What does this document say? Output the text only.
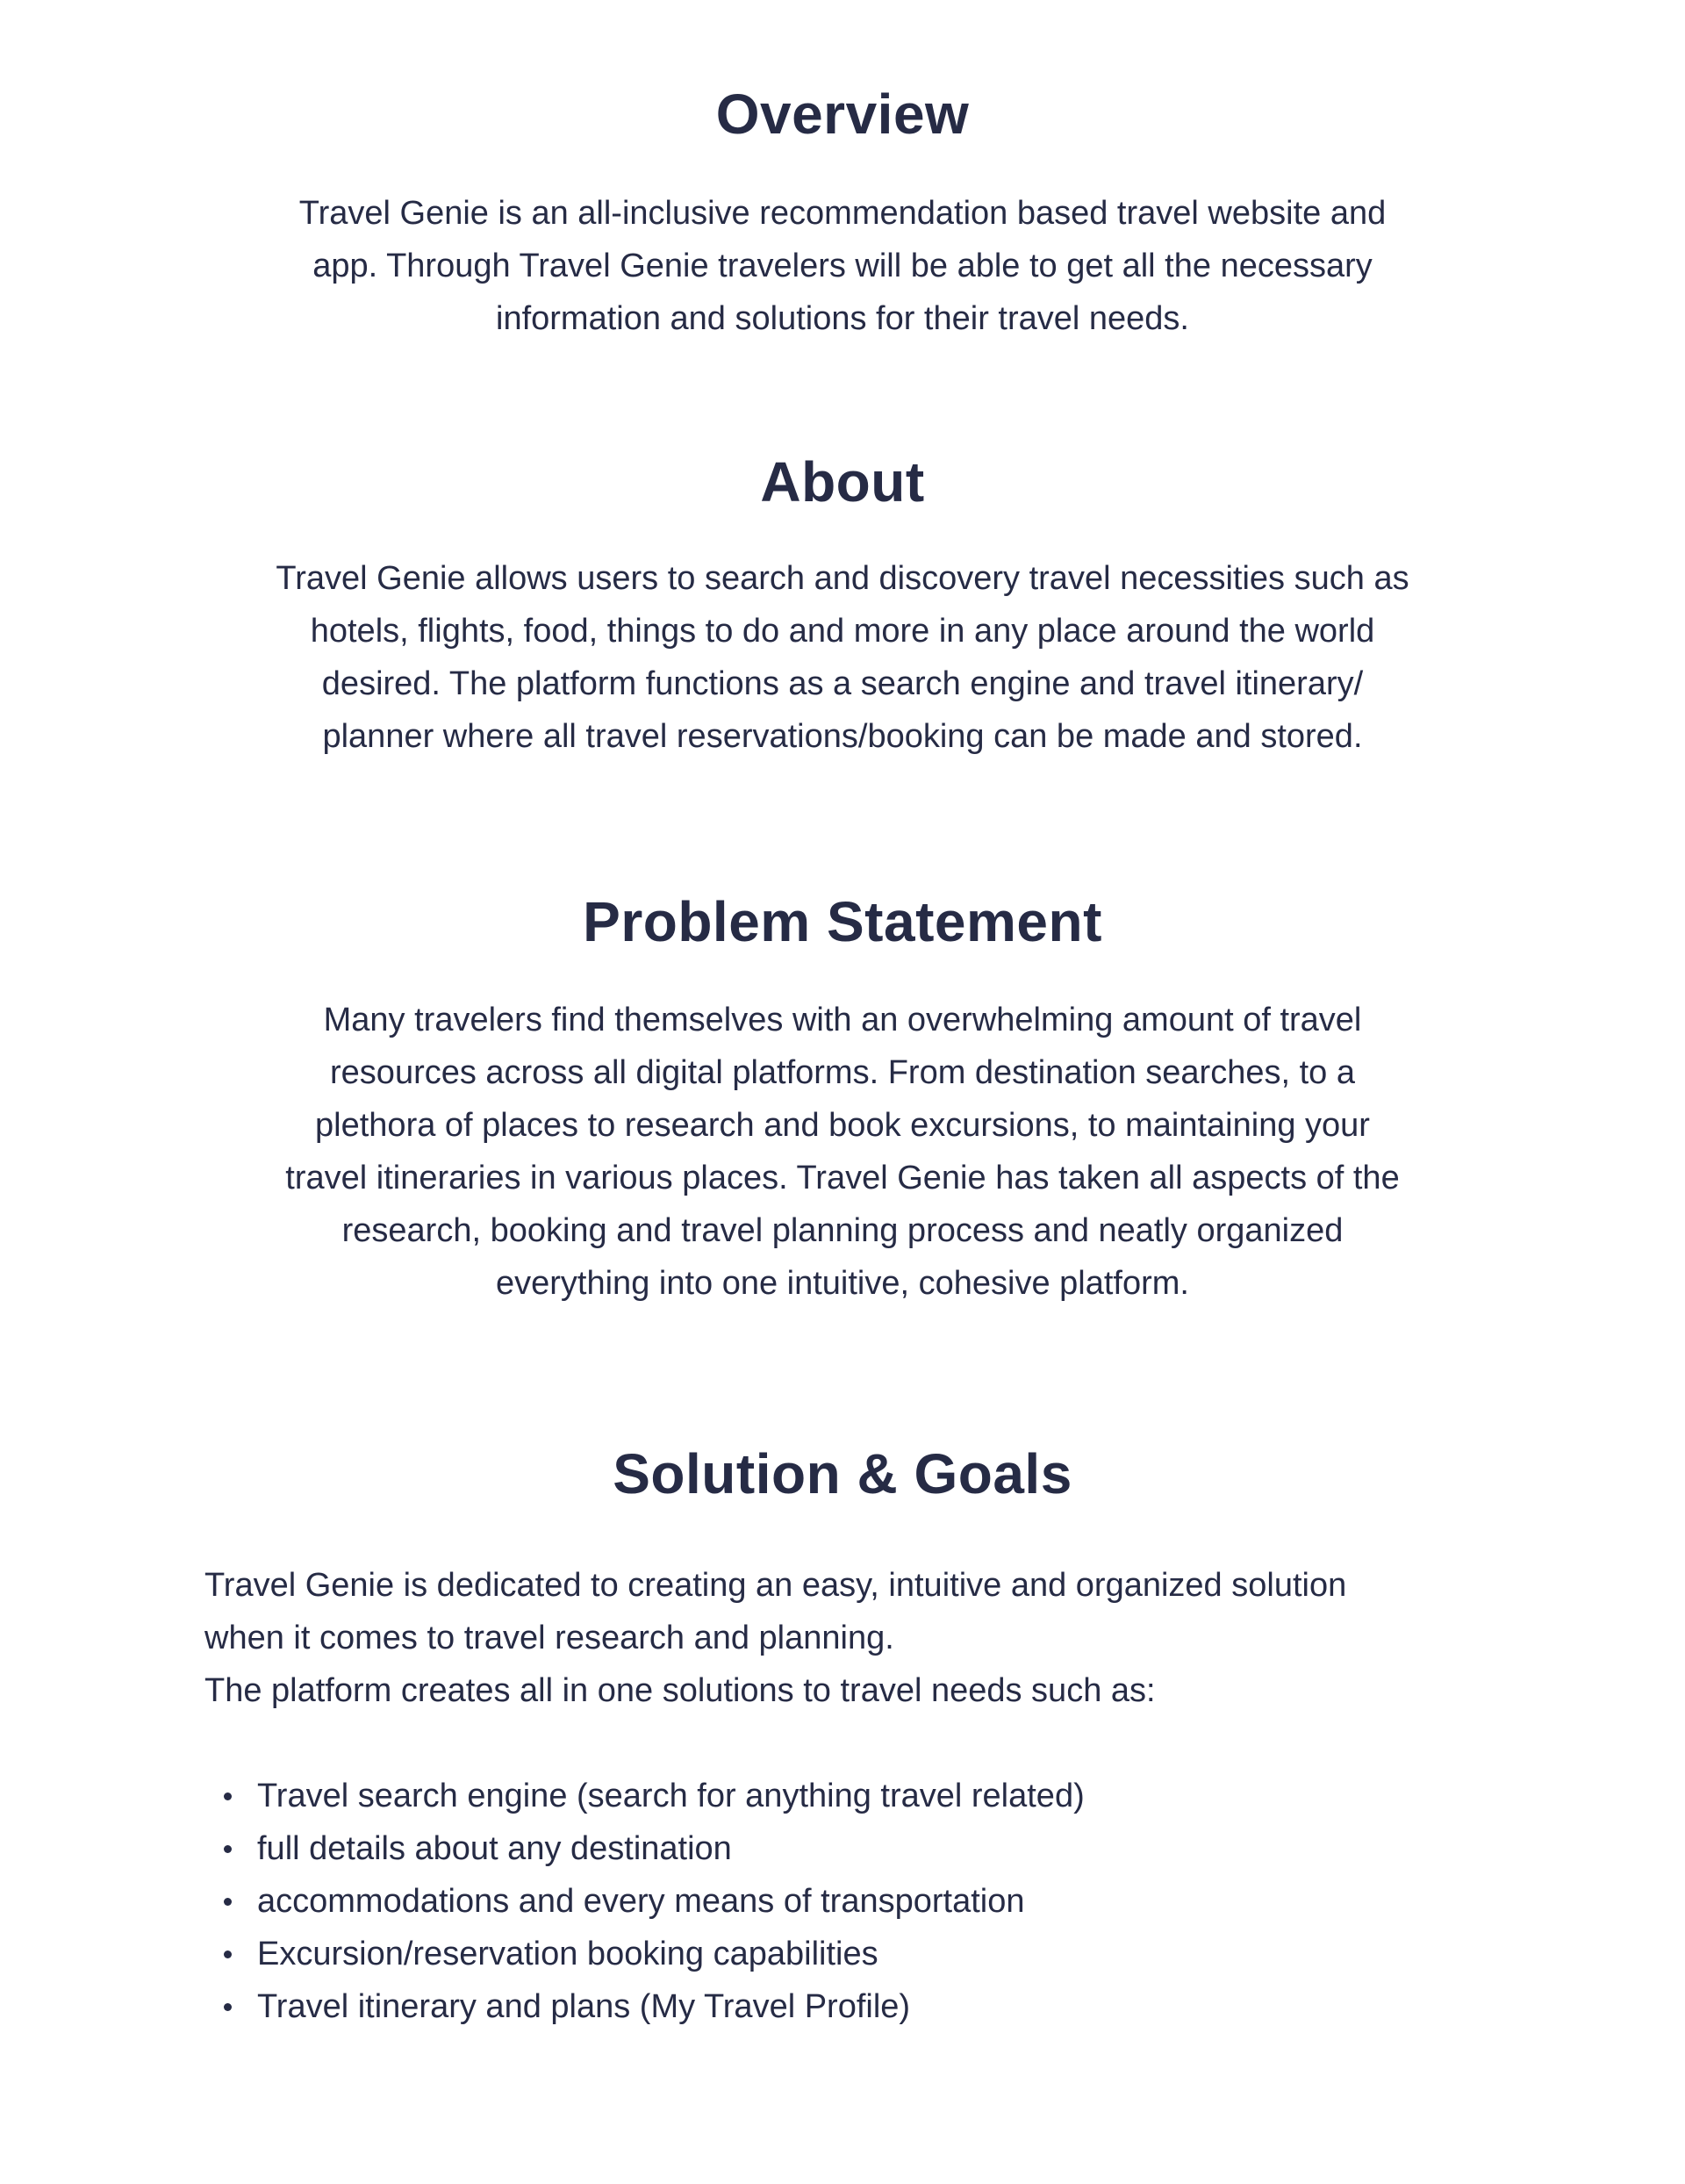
Overview

Travel Genie is an all-inclusive recommendation based travel website and
app. Through Travel Genie travelers will be able to get all the necessary
information and solutions for their travel needs.

About

Travel Genie allows users to search and discovery travel necessities such as
hotels, flights, food, things to do and more in any place around the world
desired. The platform functions as a search engine and travel itinerary/
planner where all travel reservations/booking can be made and stored.

Problem Statement

Many travelers find themselves with an overwhelming amount of travel
resources across all digital platforms. From destination searches, to a
plethora of places to research and book excursions, to maintaining your
travel itineraries in various places. Travel Genie has taken all aspects of the
research, booking and travel planning process and neatly organized
everything into one intuitive, cohesive platform.

Solution & Goals

Travel Genie is dedicated to creating an easy, intuitive and organized solution
when it comes to travel research and planning.
The platform creates all in one solutions to travel needs such as:

Travel search engine (search for anything travel related)
full details about any destination
accommodations and every means of transportation
Excursion/reservation booking capabilities
Travel itinerary and plans (My Travel Profile)
